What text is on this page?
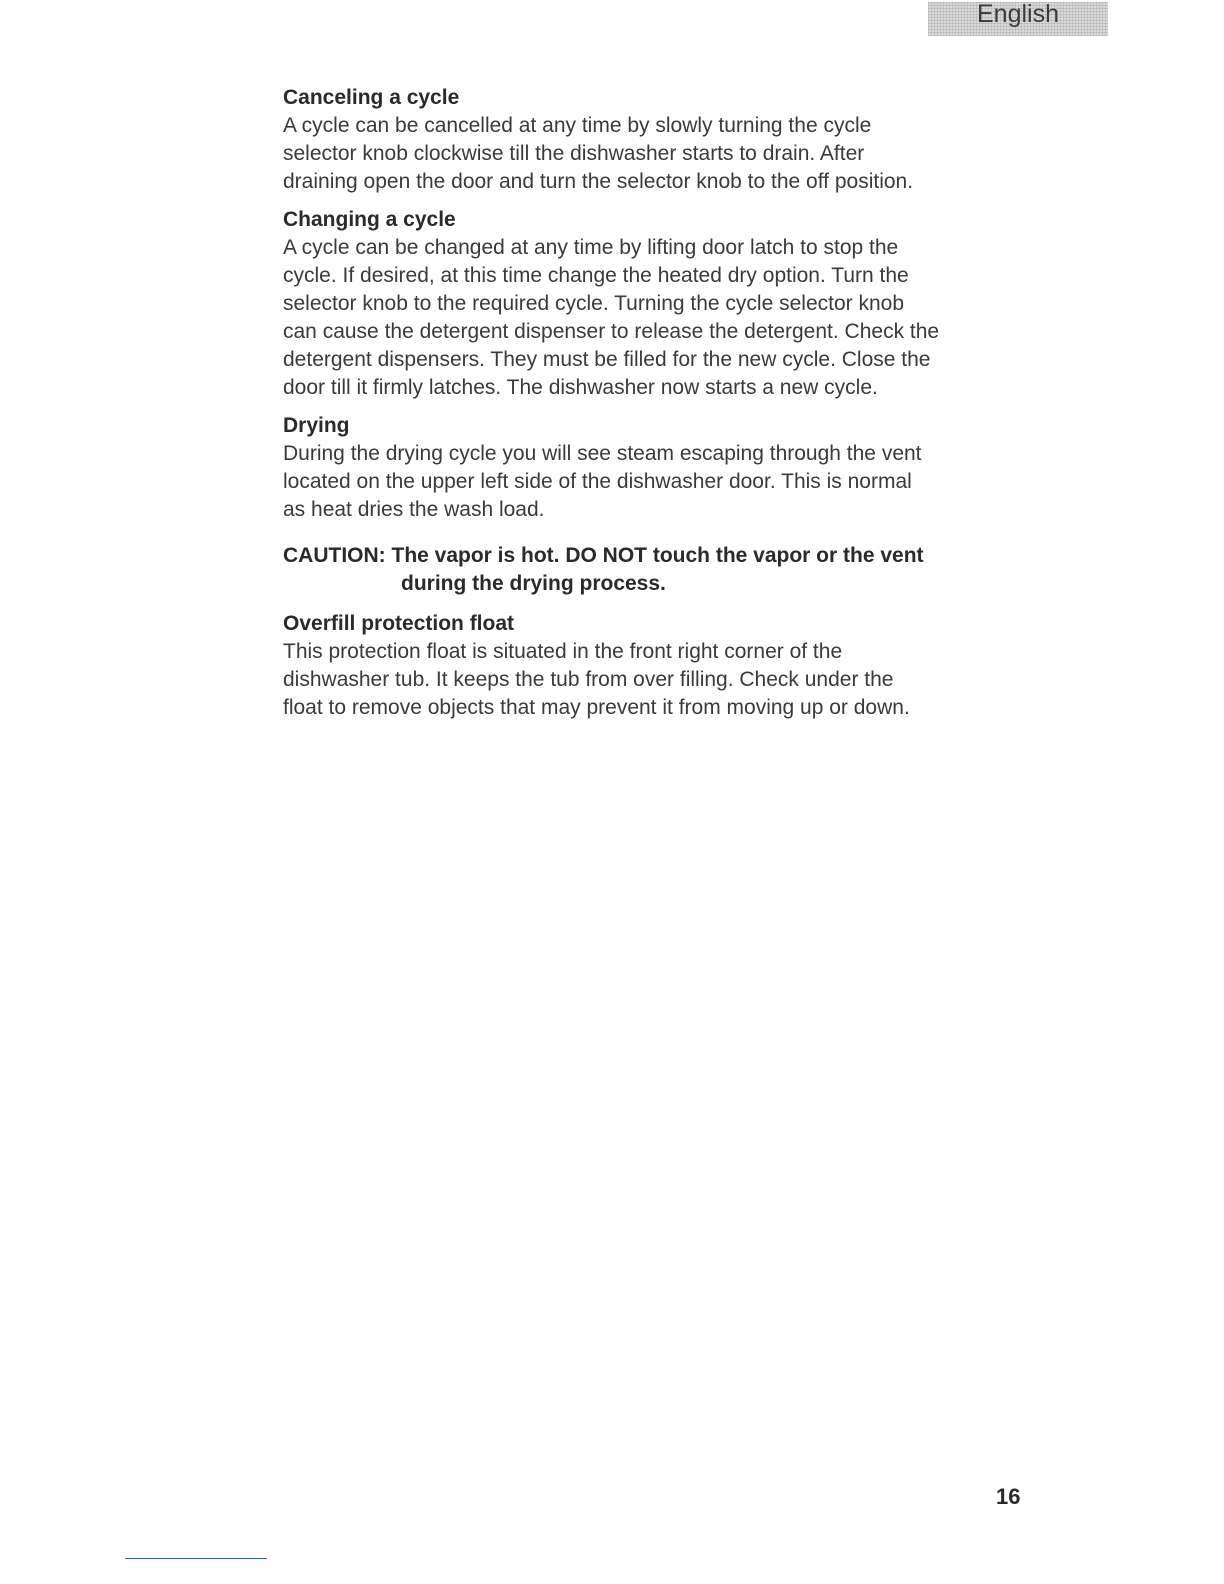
English
Canceling a cycle
A cycle can be cancelled at any time by slowly turning the cycle
selector knob clockwise till the dishwasher starts to drain. After
draining open the door and turn the selector knob to the off position.
Changing a cycle
A cycle can be changed at any time by lifting door latch to stop the
cycle. If desired, at this time change the heated dry option. Turn the
selector knob to the required cycle. Turning the cycle selector knob
can cause the detergent dispenser to release the detergent. Check the
detergent dispensers. They must be filled for the new cycle. Close the
door till it firmly latches. The dishwasher now starts a new cycle.
Drying
During the drying cycle you will see steam escaping through the vent
located on the upper left side of the dishwasher door. This is normal
as heat dries the wash load.
CAUTION: The vapor is hot. DO NOT touch the vapor or the vent
during the drying process.
Overfill protection float
This protection float is situated in the front right corner of the
dishwasher tub. It keeps the tub from over filling. Check under the
float to remove objects that may prevent it from moving up or down.
16
